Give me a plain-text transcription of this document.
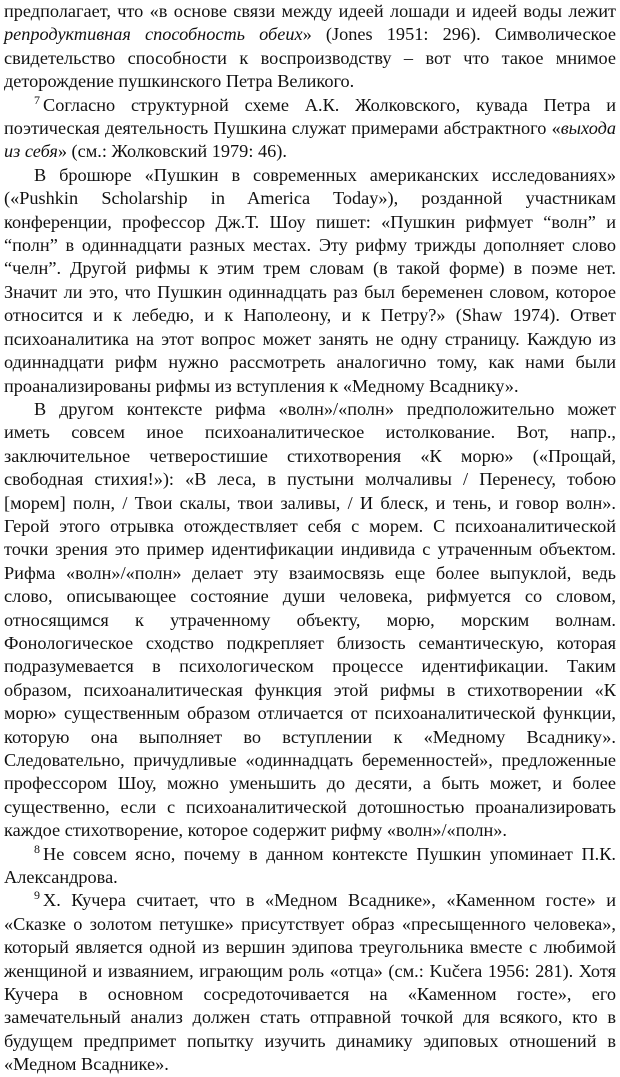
предполагает, что «в основе связи между идеей лошади и идеей воды лежит репродуктивная способность обеих» (Jones 1951: 296). Символическое свидетельство способности к воспроизводству – вот что такое мнимое деторождение пушкинского Петра Великого.

$^7$ Согласно структурной схеме А.К. Жолковского, кувада Петра и поэтическая деятельность Пушкина служат примерами абстрактного «выхода из себя» (см.: Жолковский 1979: 46).

В брошюре «Пушкин в современных американских исследованиях» («Pushkin Scholarship in America Today»), розданной участникам конференции, профессор Дж.Т. Шоу пишет: «Пушкин рифмует “волн” и “полн” в одиннадцати разных местах. Эту рифму трижды дополняет слово “челн”. Другой рифмы к этим трем словам (в такой форме) в поэме нет. Значит ли это, что Пушкин одиннадцать раз был беременен словом, которое относится и к лебедю, и к Наполеону, и к Петру?» (Shaw 1974). Ответ психоаналитика на этот вопрос может занять не одну страницу. Каждую из одиннадцати рифм нужно рассмотреть аналогично тому, как нами были проанализированы рифмы из вступления к «Медному Всаднику».

В другом контексте рифма «волн»/«полн» предположительно может иметь совсем иное психоаналитическое истолкование. Вот, напр., заключительное четверостишие стихотворения «К морю» («Прощай, свободная стихия!»): «В леса, в пустыни молчаливы / Перенесу, тобою [морем] полн, / Твои скалы, твои заливы, / И блеск, и тень, и говор волн». Герой этого отрывка отождествляет себя с морем. С психоаналитической точки зрения это пример идентификации индивида с утраченным объектом. Рифма «волн»/«полн» делает эту взаимосвязь еще более выпуклой, ведь слово, описывающее состояние души человека, рифмуется со словом, относящимся к утраченному объекту, морю, морским волнам. Фонологическое сходство подкрепляет близость семантическую, которая подразумевается в психологическом процессе идентификации. Таким образом, психоаналитическая функция этой рифмы в стихотворении «К морю» существенным образом отличается от психоаналитической функции, которую она выполняет во вступлении к «Медному Всаднику». Следовательно, причудливые «одиннадцать беременностей», предложенные профессором Шоу, можно уменьшить до десяти, а быть может, и более существенно, если с психоаналитической дотошностью проанализировать каждое стихотворение, которое содержит рифму «волн»/«полн».

$^8$ Не совсем ясно, почему в данном контексте Пушкин упоминает П.К. Александрова.

$^9$ Х. Кучера считает, что в «Медном Всаднике», «Каменном госте» и «Сказке о золотом петушке» присутствует образ «пресыщенного человека», который является одной из вершин эдипова треугольника вместе с любимой женщиной и изваянием, играющим роль «отца» (см.: Kučera 1956: 281). Хотя Кучера в основном сосредоточивается на «Каменном госте», его замечательный анализ должен стать отправной точкой для всякого, кто в будущем предпримет попытку изучить динамику эдиповых отношений в «Медном Всаднике».
